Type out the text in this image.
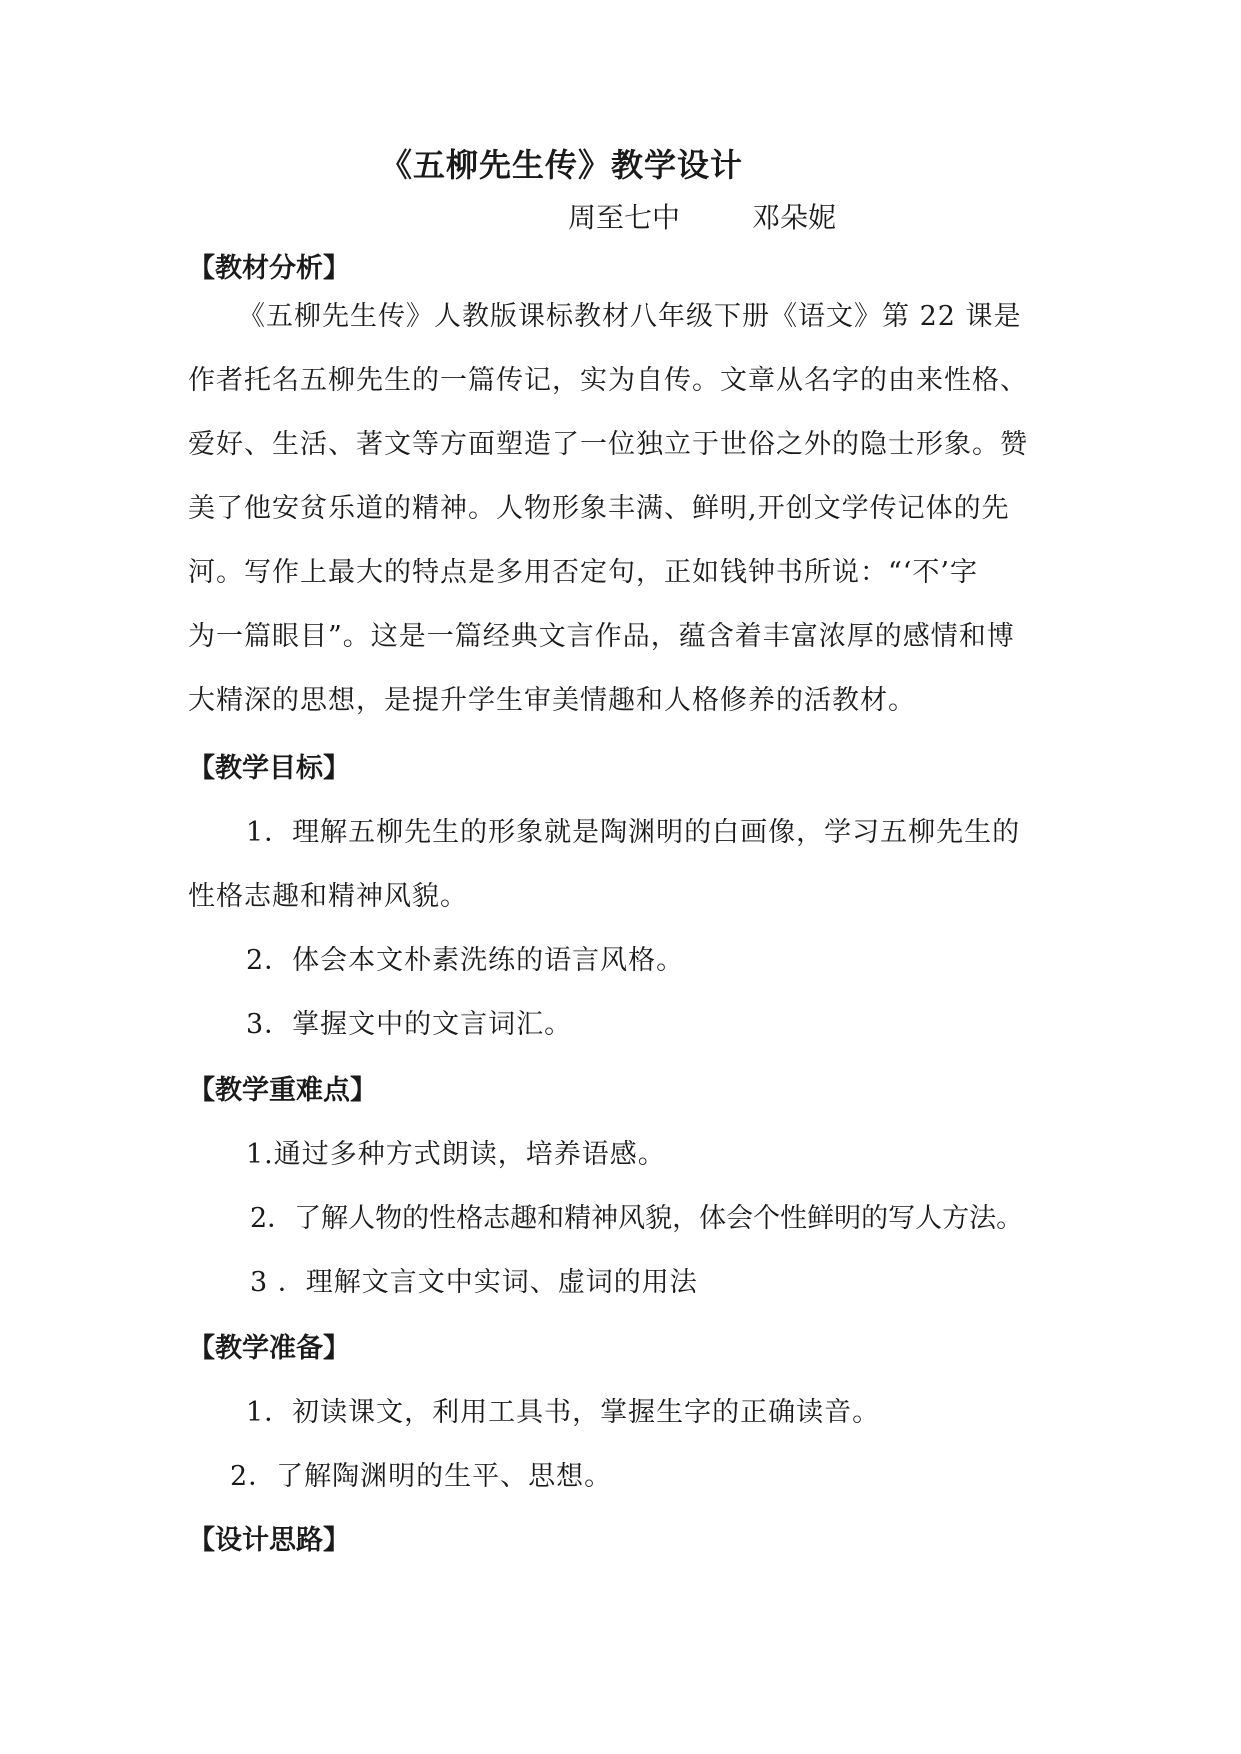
《五柳先生传》教学设计
周至七中	邓朵妮
【教材分析】
《五柳先生传》人教版课标教材八年级下册《语文》第 22 课是
作者托名五柳先生的一篇传记，实为自传。文章从名字的由来性格、
爱好、生活、著文等方面塑造了一位独立于世俗之外的隐士形象。赞
美了他安贫乐道的精神。人物形象丰满、鲜明,开创文学传记体的先
河。写作上最大的特点是多用否定句，正如钱钟书所说：“‘不’字
为一篇眼目”。这是一篇经典文言作品，蕴含着丰富浓厚的感情和博
大精深的思想，是提升学生审美情趣和人格修养的活教材。
【教学目标】
1．理解五柳先生的形象就是陶渊明的白画像，学习五柳先生的
性格志趣和精神风貌。
2．体会本文朴素洗练的语言风格。
3．掌握文中的文言词汇。
【教学重难点】
1.通过多种方式朗读，培养语感。
2．了解人物的性格志趣和精神风貌，体会个性鲜明的写人方法。
3 ．理解文言文中实词、虚词的用法
【教学准备】
1．初读课文，利用工具书，掌握生字的正确读音。
2．了解陶渊明的生平、思想。
【设计思路】
